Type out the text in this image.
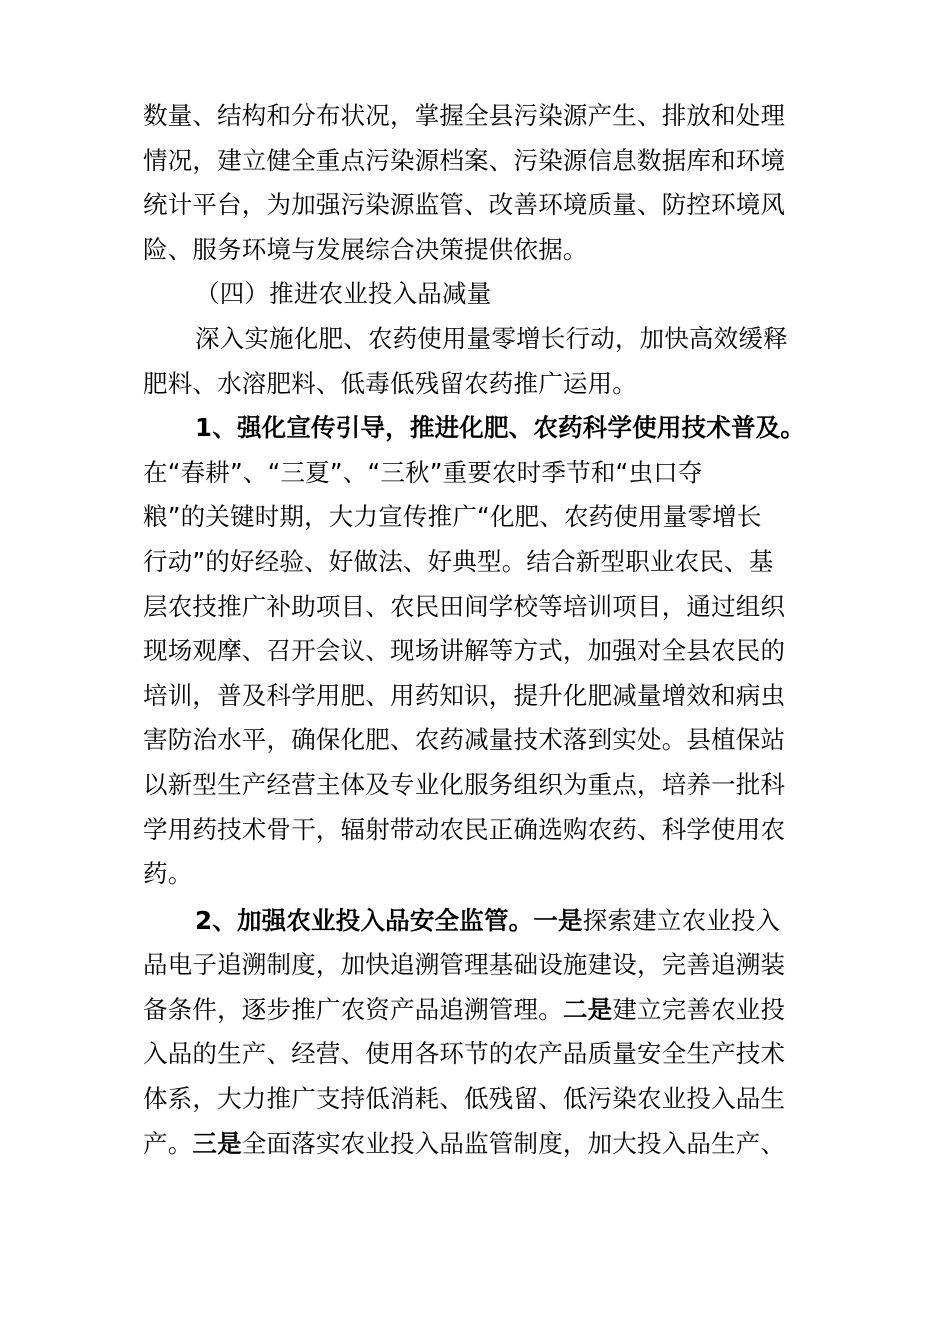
数量、结构和分布状况，掌握全县污染源产生、排放和处理
情况，建立健全重点污染源档案、污染源信息数据库和环境
统计平台，为加强污染源监管、改善环境质量、防控环境风
险、服务环境与发展综合决策提供依据。
（四）推进农业投入品减量
深入实施化肥、农药使用量零增长行动，加快高效缓释
肥料、水溶肥料、低毒低残留农药推广运用。
1、强化宣传引导，推进化肥、农药科学使用技术普及。
在“春耕”、“三夏”、“三秋”重要农时季节和“虫口夺
粮”的关键时期，大力宣传推广“化肥、农药使用量零增长
行动”的好经验、好做法、好典型。结合新型职业农民、基
层农技推广补助项目、农民田间学校等培训项目，通过组织
现场观摩、召开会议、现场讲解等方式，加强对全县农民的
培训，普及科学用肥、用药知识，提升化肥减量增效和病虫
害防治水平，确保化肥、农药减量技术落到实处。县植保站
以新型生产经营主体及专业化服务组织为重点，培养一批科
学用药技术骨干，辐射带动农民正确选购农药、科学使用农
药。
2、加强农业投入品安全监管。一是探索建立农业投入
品电子追溯制度，加快追溯管理基础设施建设，完善追溯装
备条件，逐步推广农资产品追溯管理。二是建立完善农业投
入品的生产、经营、使用各环节的农产品质量安全生产技术
体系，大力推广支持低消耗、低残留、低污染农业投入品生
产。三是全面落实农业投入品监管制度，加大投入品生产、
